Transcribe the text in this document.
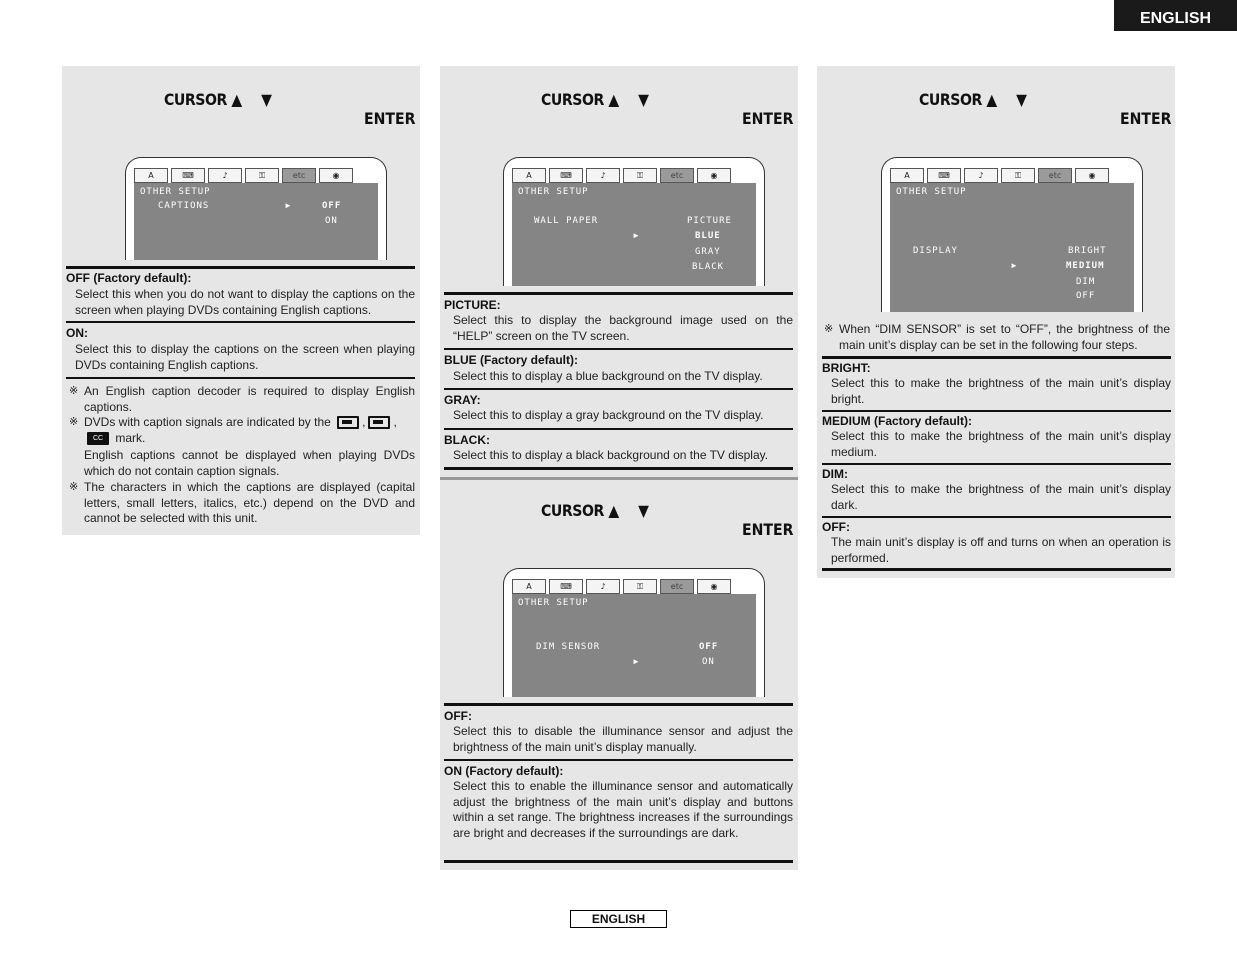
ENGLISH
CURSOR ▲ ▼
ENTER
A	⌨	♪	⚿	etc	◉
OTHER SETUP
CAPTIONS	►	OFF
ON
OFF (Factory default):
Select this when you do not want to display the captions on the screen when playing DVDs containing English captions.
ON:
Select this to display the captions on the screen when playing DVDs containing English captions.
※ An English caption decoder is required to display English captions.
※ DVDs with caption signals are indicated by the	, ,
CC mark.
English captions cannot be displayed when playing DVDs which do not contain caption signals.
※ The characters in which the captions are displayed (capital letters, small letters, italics, etc.) depend on the DVD and cannot be selected with this unit.
CURSOR ▲ ▼
ENTER
A	⌨	♪	⚿	etc	◉
OTHER SETUP
WALL PAPER	PICTURE
►	BLUE
GRAY
BLACK
PICTURE:
Select this to display the background image used on the “HELP” screen on the TV screen.
BLUE (Factory default):
Select this to display a blue background on the TV display.
GRAY:
Select this to display a gray background on the TV display.
BLACK:
Select this to display a black background on the TV display.
CURSOR ▲ ▼
ENTER
A	⌨	♪	⚿	etc	◉
OTHER SETUP
DIM SENSOR	OFF
►	ON
OFF:
Select this to disable the illuminance sensor and adjust the brightness of the main unit’s display manually.
ON (Factory default):
Select this to enable the illuminance sensor and automatically adjust the brightness of the main unit’s display and buttons within a set range. The brightness increases if the surroundings are bright and decreases if the surroundings are dark.
CURSOR ▲ ▼
ENTER
A	⌨	♪	⚿	etc	◉
OTHER SETUP
DISPLAY	BRIGHT
►	MEDIUM
DIM
OFF
※ When “DIM SENSOR” is set to “OFF”, the brightness of the main unit’s display can be set in the following four steps.
BRIGHT:
Select this to make the brightness of the main unit’s display bright.
MEDIUM (Factory default):
Select this to make the brightness of the main unit’s display medium.
DIM:
Select this to make the brightness of the main unit’s display dark.
OFF:
The main unit’s display is off and turns on when an operation is performed.
ENGLISH
